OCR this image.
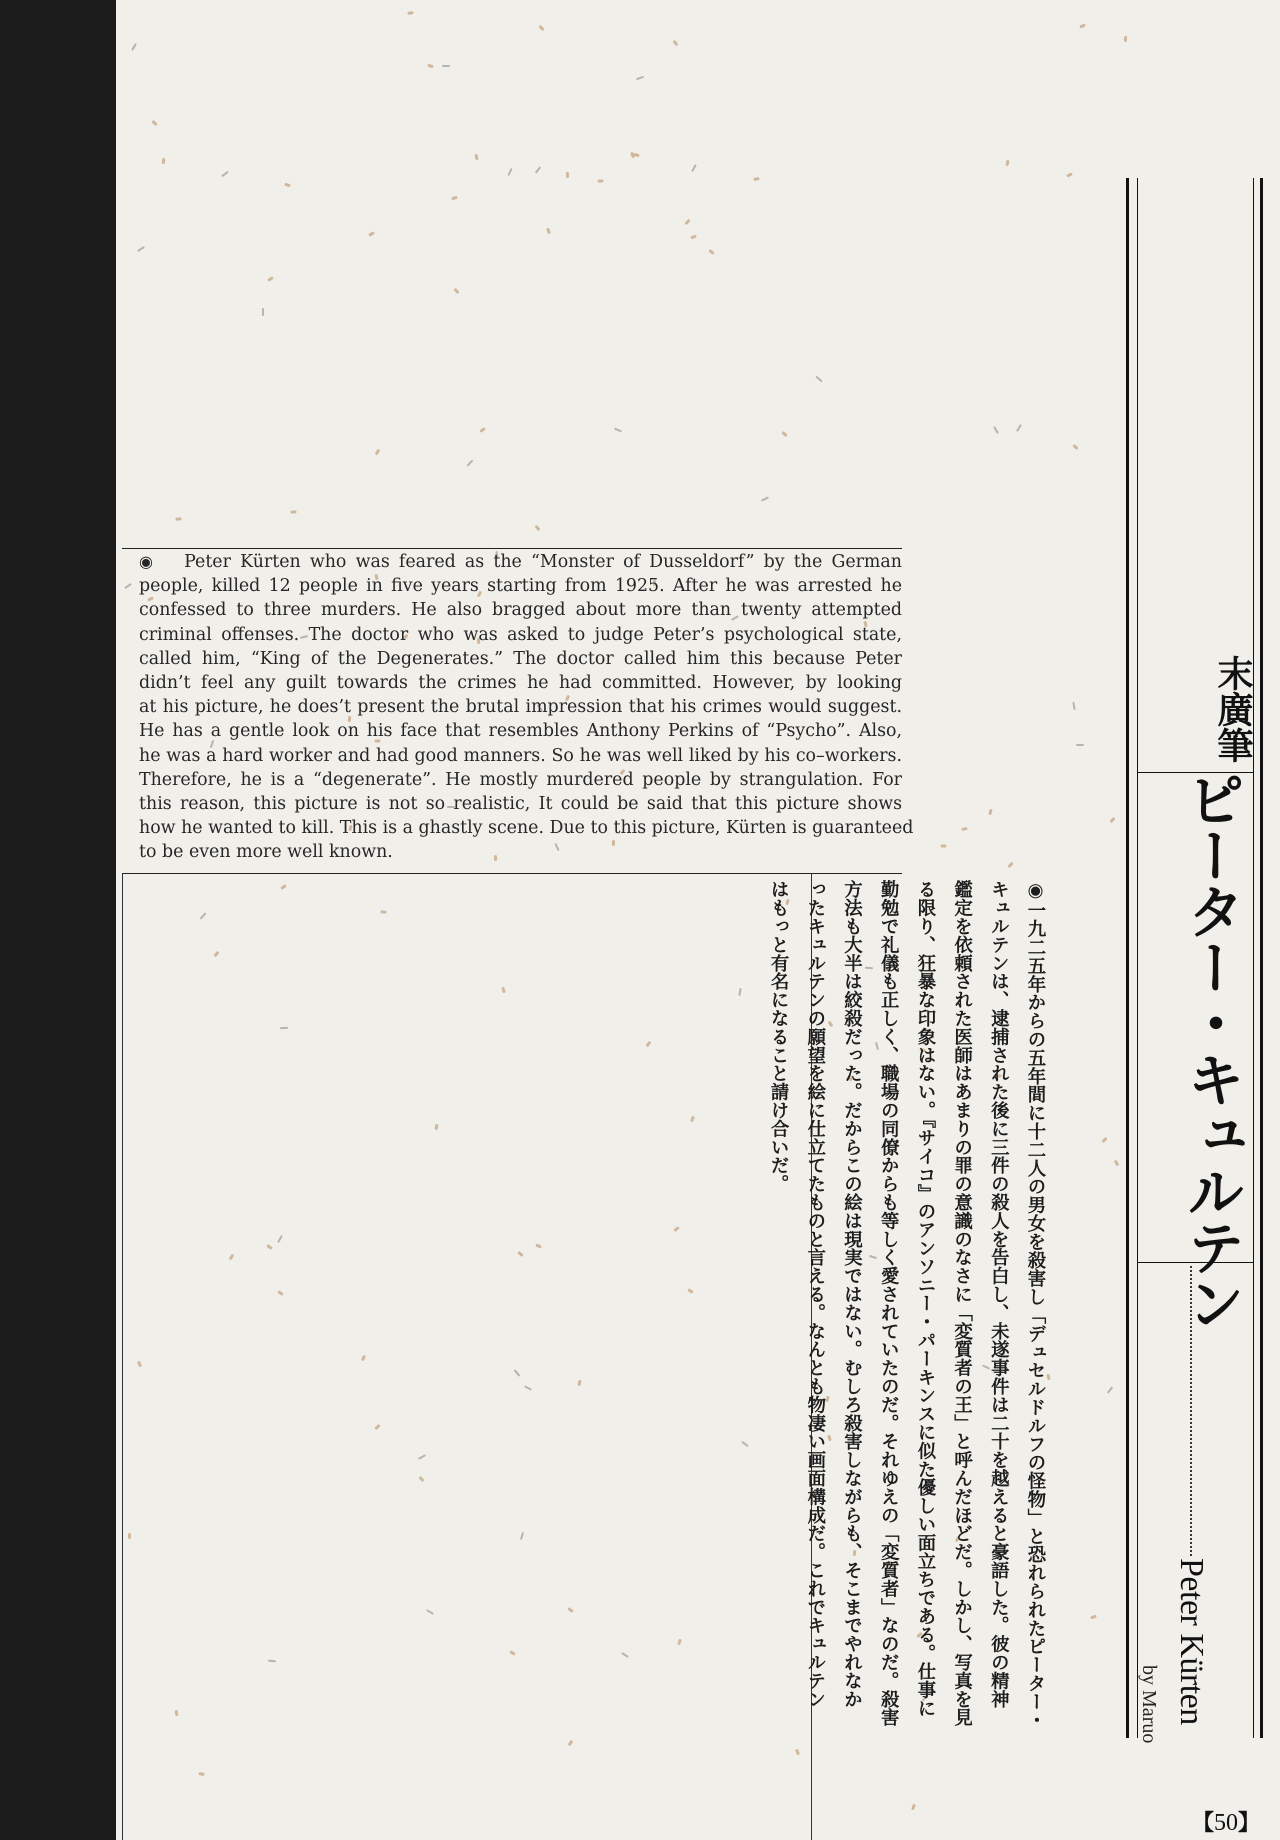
◉ Peter Kürten who was feared as the “Monster of Dusseldorf” by the German
people, killed 12 people in five years starting from 1925. After he was arrested he
confessed to three murders. He also bragged about more than twenty attempted
criminal offenses. The doctor who was asked to judge Peter’s psychological state,
called him, “King of the Degenerates.” The doctor called him this because Peter
didn’t feel any guilt towards the crimes he had committed. However, by looking
at his picture, he does’t present the brutal impression that his crimes would suggest.
He has a gentle look on his face that resembles Anthony Perkins of “Psycho”. Also,
he was a hard worker and had good manners. So he was well liked by his co–workers.
Therefore, he is a “degenerate”. He mostly murdered people by strangulation. For
this reason, this picture is not so realistic, It could be said that this picture shows
how he wanted to kill. This is a ghastly scene. Due to this picture, Kürten is guaranteed
to be even more well known.
◉一九二五年からの五年間に十二人の男女を殺害し「デュセルドルフの怪物」と恐れられたピーター・
キュルテンは、逮捕された後に三件の殺人を告白し、未遂事件は二十を越えると豪語した。彼の精神
鑑定を依頼された医師はあまりの罪の意識のなさに「変質者の王」と呼んだほどだ。しかし、写真を見
る限り、狂暴な印象はない。『サイコ』のアンソニー・パーキンスに似た優しい面立ちである。仕事に
勤勉で礼儀も正しく、職場の同僚からも等しく愛されていたのだ。それゆえの「変質者」なのだ。殺害
方法も大半は絞殺だった。だからこの絵は現実ではない。むしろ殺害しながらも、そこまでやれなか
ったキュルテンの願望を絵に仕立てたものと言える。なんとも物凄い画面構成だ。これでキュルテン
はもっと有名になること請け合いだ。
末廣筆
ピーター・キュルテン
Peter Kürten
by Maruo
【50】
